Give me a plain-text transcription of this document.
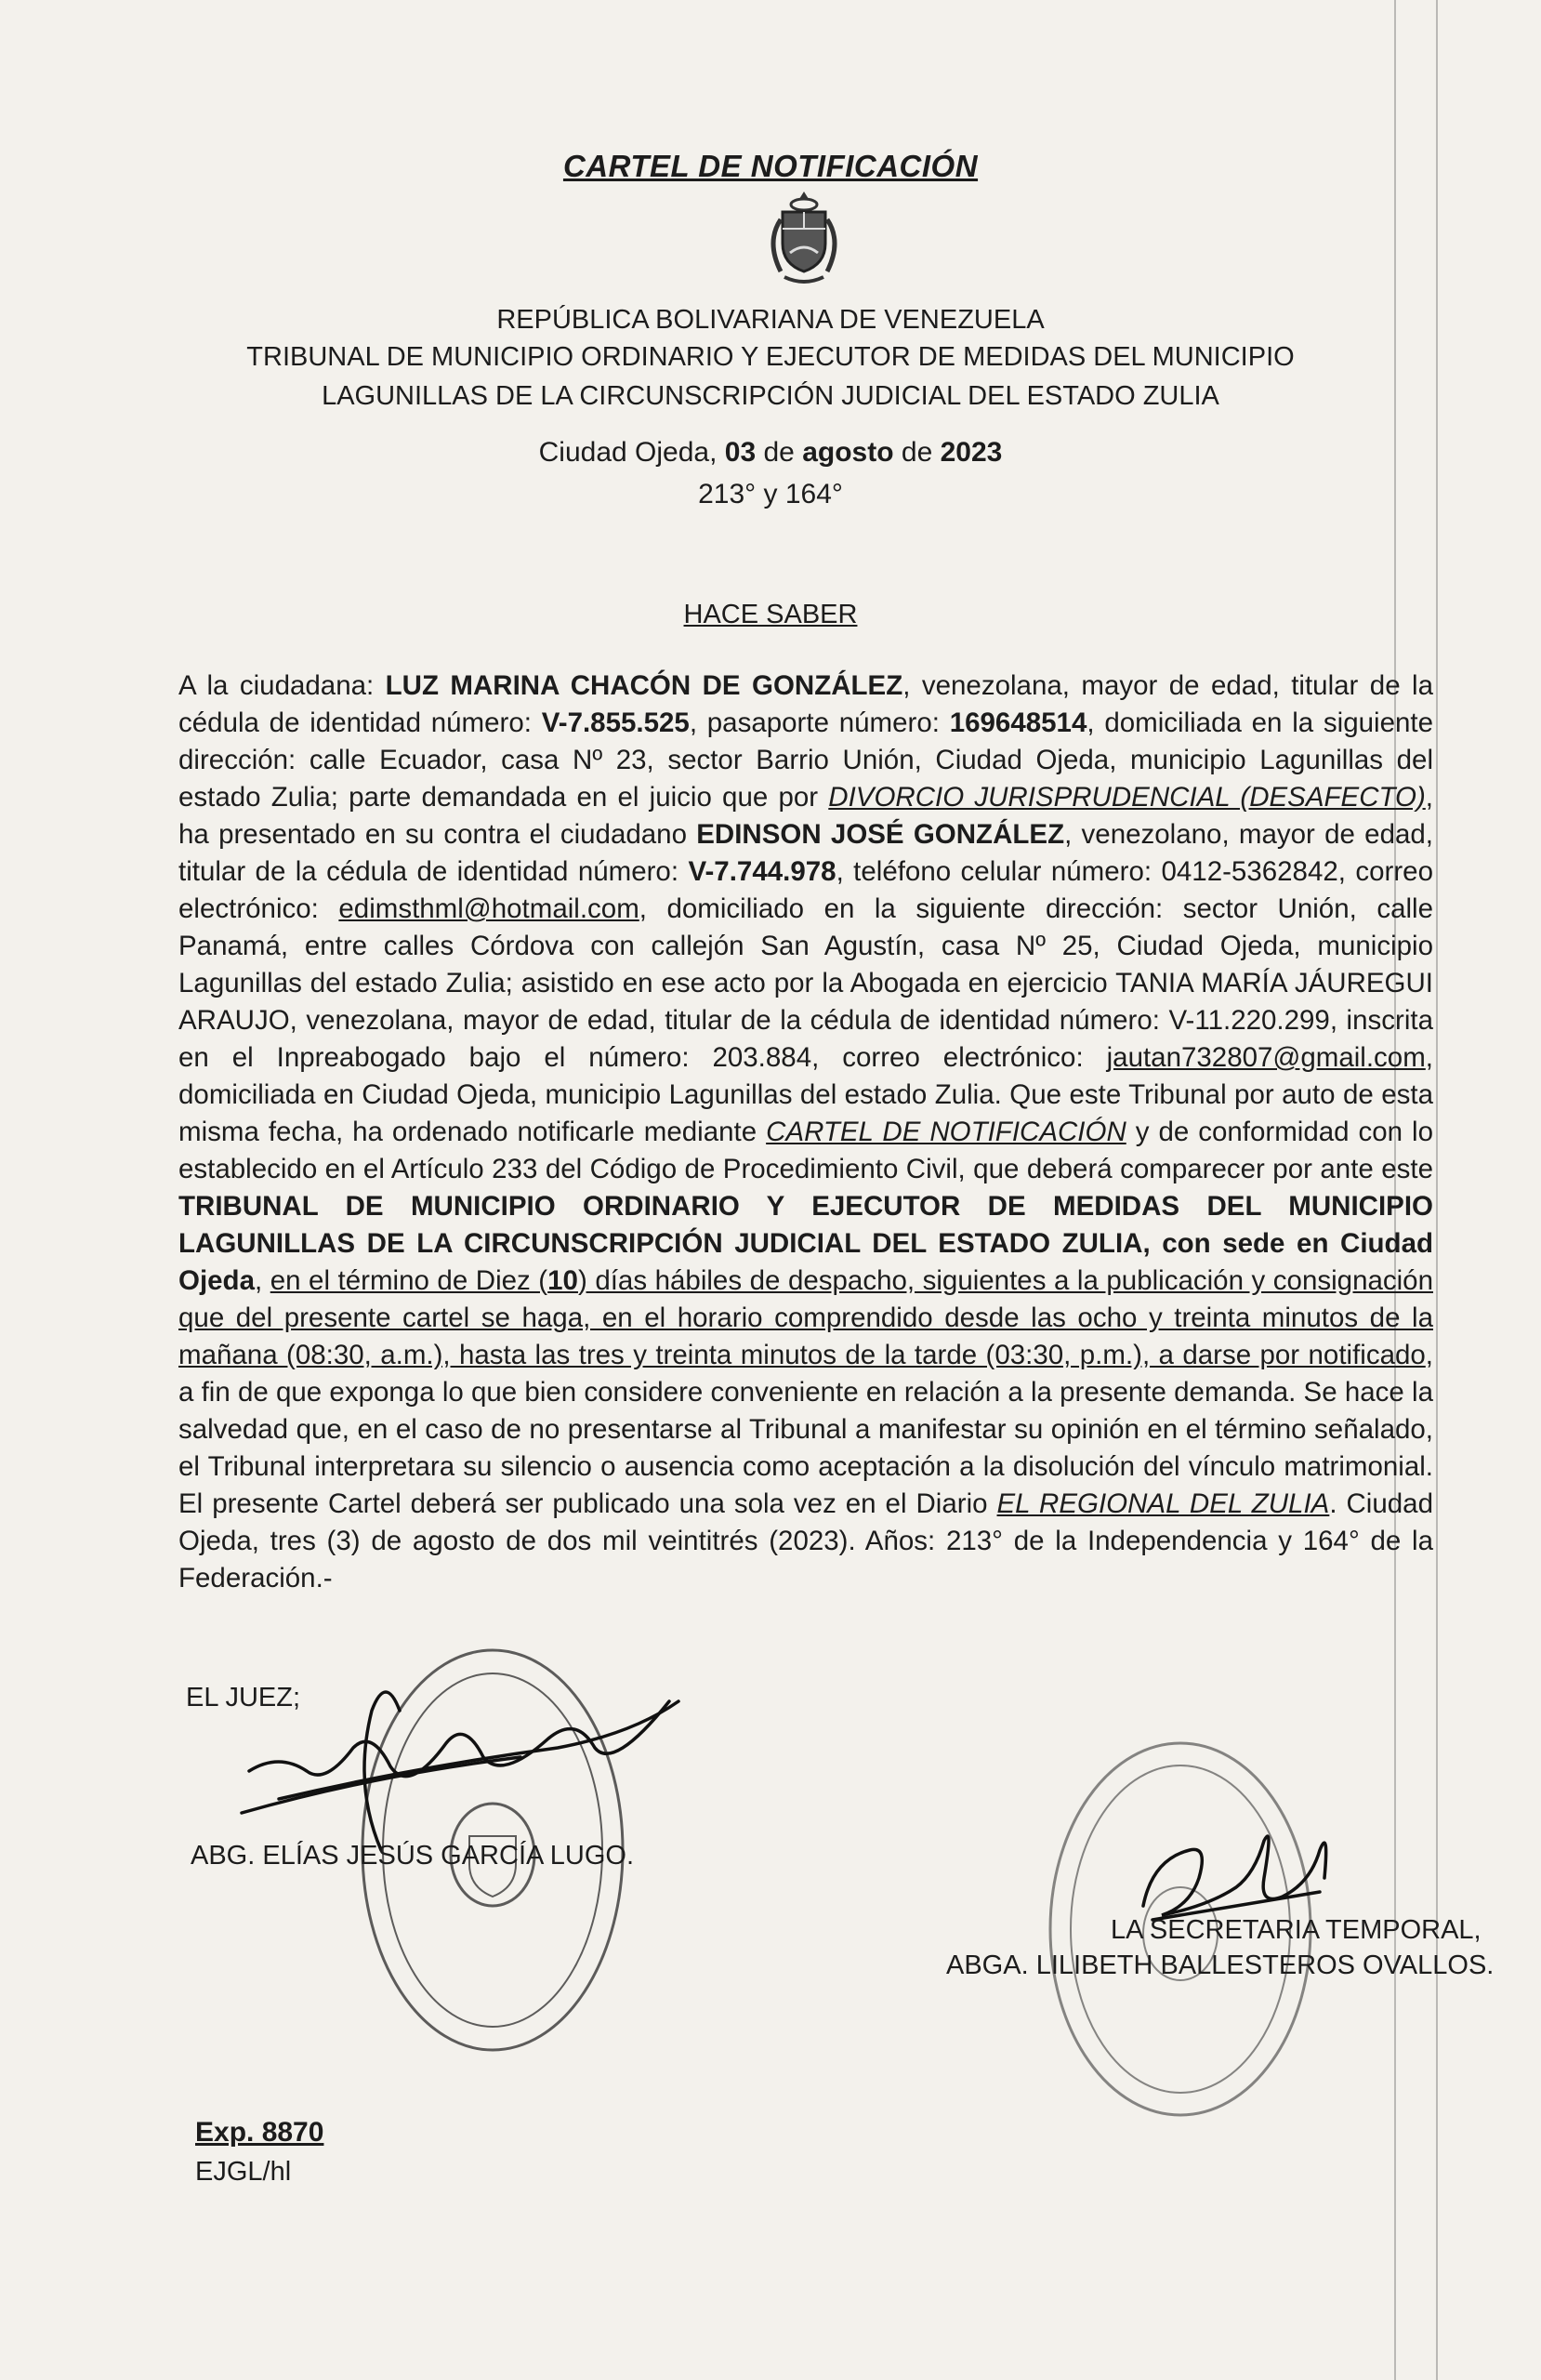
CARTEL DE NOTIFICACIÓN
REPÚBLICA BOLIVARIANA DE VENEZUELA
TRIBUNAL DE MUNICIPIO ORDINARIO Y EJECUTOR DE MEDIDAS DEL MUNICIPIO
LAGUNILLAS DE LA CIRCUNSCRIPCIÓN JUDICIAL DEL ESTADO ZULIA
Ciudad Ojeda, 03 de agosto de 2023
213° y 164°
HACE SABER
A la ciudadana: LUZ MARINA CHACÓN DE GONZÁLEZ, venezolana, mayor de edad, titular de la cédula de identidad número: V-7.855.525, pasaporte número: 169648514, domiciliada en la siguiente dirección: calle Ecuador, casa Nº 23, sector Barrio Unión, Ciudad Ojeda, municipio Lagunillas del estado Zulia; parte demandada en el juicio que por DIVORCIO JURISPRUDENCIAL (DESAFECTO), ha presentado en su contra el ciudadano EDINSON JOSÉ GONZÁLEZ, venezolano, mayor de edad, titular de la cédula de identidad número: V-7.744.978, teléfono celular número: 0412-5362842, correo electrónico: edimsthml@hotmail.com, domiciliado en la siguiente dirección: sector Unión, calle Panamá, entre calles Córdova con callejón San Agustín, casa Nº 25, Ciudad Ojeda, municipio Lagunillas del estado Zulia; asistido en ese acto por la Abogada en ejercicio TANIA MARÍA JÁUREGUI ARAUJO, venezolana, mayor de edad, titular de la cédula de identidad número: V-11.220.299, inscrita en el Inpreabogado bajo el número: 203.884, correo electrónico: jautan732807@gmail.com, domiciliada en Ciudad Ojeda, municipio Lagunillas del estado Zulia. Que este Tribunal por auto de esta misma fecha, ha ordenado notificarle mediante CARTEL DE NOTIFICACIÓN y de conformidad con lo establecido en el Artículo 233 del Código de Procedimiento Civil, que deberá comparecer por ante este TRIBUNAL DE MUNICIPIO ORDINARIO Y EJECUTOR DE MEDIDAS DEL MUNICIPIO LAGUNILLAS DE LA CIRCUNSCRIPCIÓN JUDICIAL DEL ESTADO ZULIA, con sede en Ciudad Ojeda, en el término de Diez (10) días hábiles de despacho, siguientes a la publicación y consignación que del presente cartel se haga, en el horario comprendido desde las ocho y treinta minutos de la mañana (08:30, a.m.), hasta las tres y treinta minutos de la tarde (03:30, p.m.), a darse por notificado, a fin de que exponga lo que bien considere conveniente en relación a la presente demanda. Se hace la salvedad que, en el caso de no presentarse al Tribunal a manifestar su opinión en el término señalado, el Tribunal interpretara su silencio o ausencia como aceptación a la disolución del vínculo matrimonial. El presente Cartel deberá ser publicado una sola vez en el Diario EL REGIONAL DEL ZULIA. Ciudad Ojeda, tres (3) de agosto de dos mil veintitrés (2023). Años: 213° de la Independencia y 164° de la Federación.-
EL JUEZ;
ABG. ELÍAS JESÚS GARCÍA LUGO.
LA SECRETARIA TEMPORAL,
ABGA. LILIBETH BALLESTEROS OVALLOS.
Exp. 8870
EJGL/hl
